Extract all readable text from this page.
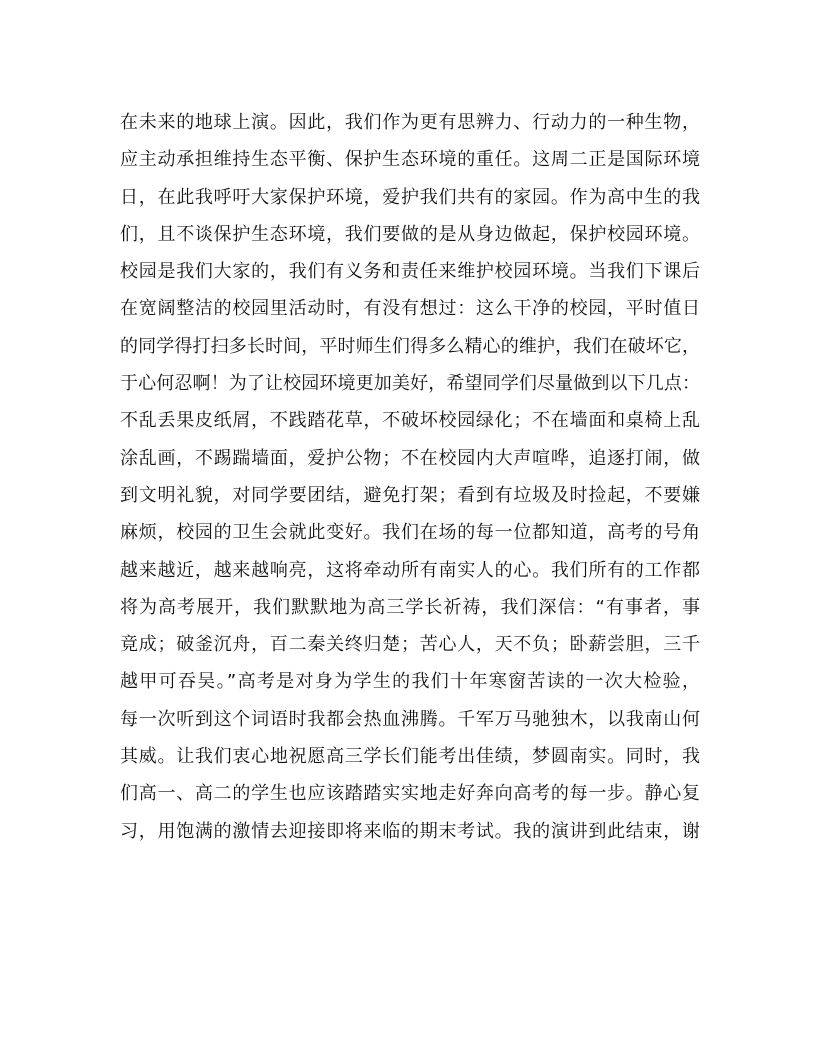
在未来的地球上演。因此，我们作为更有思辨力、行动力的一种生物，
应主动承担维持生态平衡、保护生态环境的重任。这周二正是国际环境
日，在此我呼吁大家保护环境，爱护我们共有的家园。作为高中生的我
们，且不谈保护生态环境，我们要做的是从身边做起，保护校园环境。
校园是我们大家的，我们有义务和责任来维护校园环境。当我们下课后
在宽阔整洁的校园里活动时，有没有想过：这么干净的校园，平时值日
的同学得打扫多长时间，平时师生们得多么精心的维护，我们在破坏它，
于心何忍啊！为了让校园环境更加美好，希望同学们尽量做到以下几点：
不乱丢果皮纸屑，不践踏花草，不破坏校园绿化；不在墙面和桌椅上乱
涂乱画，不踢踹墙面，爱护公物；不在校园内大声喧哗，追逐打闹，做
到文明礼貌，对同学要团结，避免打架；看到有垃圾及时捡起，不要嫌
麻烦，校园的卫生会就此变好。我们在场的每一位都知道，高考的号角
越来越近，越来越响亮，这将牵动所有南实人的心。我们所有的工作都
将为高考展开，我们默默地为高三学长祈祷，我们深信：“有事者，事
竟成；破釜沉舟，百二秦关终归楚；苦心人，天不负；卧薪尝胆，三千
越甲可吞吴。”高考是对身为学生的我们十年寒窗苦读的一次大检验，
每一次听到这个词语时我都会热血沸腾。千军万马驰独木，以我南山何
其威。让我们衷心地祝愿高三学长们能考出佳绩，梦圆南实。同时，我
们高一、高二的学生也应该踏踏实实地走好奔向高考的每一步。静心复
习，用饱满的激情去迎接即将来临的期末考试。我的演讲到此结束，谢
